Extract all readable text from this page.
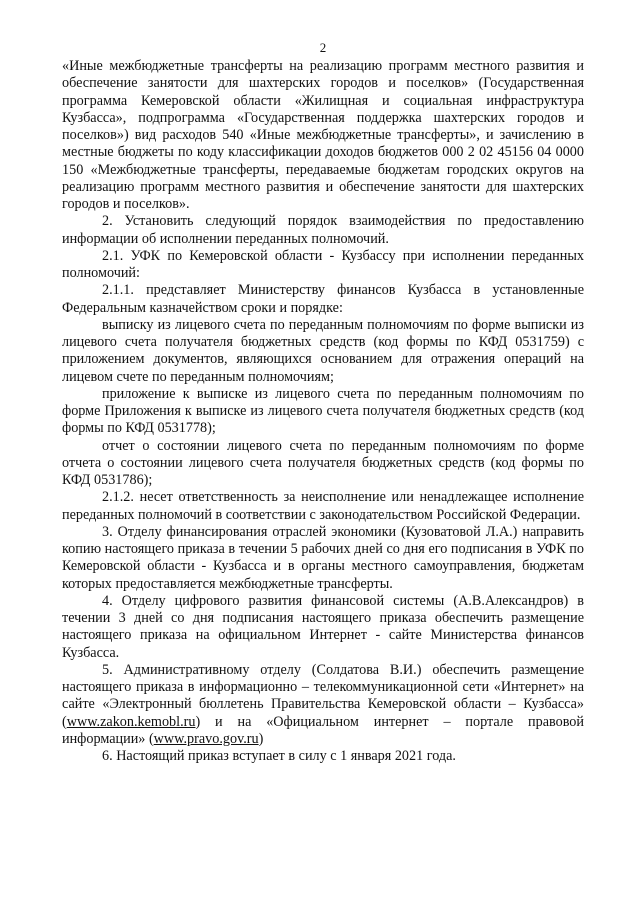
2

«Иные межбюджетные трансферты на реализацию программ местного развития и обеспечение занятости для шахтерских городов и поселков» (Государственная программа Кемеровской области «Жилищная и социальная инфраструктура Кузбасса», подпрограмма «Государственная поддержка шахтерских городов и поселков») вид расходов 540 «Иные межбюджетные трансферты», и зачислению в местные бюджеты по коду классификации доходов бюджетов 000 2 02 45156 04 0000 150 «Межбюджетные трансферты, передаваемые бюджетам городских округов на реализацию программ местного развития и обеспечение занятости для шахтерских городов и поселков».

2. Установить следующий порядок взаимодействия по предоставлению информации об исполнении переданных полномочий.

2.1. УФК по Кемеровской области - Кузбассу при исполнении переданных полномочий:

2.1.1. представляет Министерству финансов Кузбасса в установленные Федеральным казначейством сроки и порядке:

выписку из лицевого счета по переданным полномочиям по форме выписки из лицевого счета получателя бюджетных средств (код формы по КФД 0531759) с приложением документов, являющихся основанием для отражения операций на лицевом счете по переданным полномочиям;

приложение к выписке из лицевого счета по переданным полномочиям по форме Приложения к выписке из лицевого счета получателя бюджетных средств (код формы по КФД 0531778);

отчет о состоянии лицевого счета по переданным полномочиям по форме отчета о состоянии лицевого счета получателя бюджетных средств (код формы по КФД 0531786);

2.1.2. несет ответственность за неисполнение или ненадлежащее исполнение переданных полномочий в соответствии с законодательством Российской Федерации.

3. Отделу финансирования отраслей экономики (Кузоватовой Л.А.) направить копию настоящего приказа в течении 5 рабочих дней со дня его подписания в УФК по Кемеровской области - Кузбасса и в органы местного самоуправления, бюджетам которых предоставляется межбюджетные трансферты.

4. Отделу цифрового развития финансовой системы (А.В.Александров) в течении 3 дней со дня подписания настоящего приказа обеспечить размещение настоящего приказа на официальном Интернет - сайте Министерства финансов Кузбасса.

5. Административному отделу (Солдатова В.И.) обеспечить размещение настоящего приказа в информационно – телекоммуникационной сети «Интернет» на сайте «Электронный бюллетень Правительства Кемеровской области – Кузбасса» (www.zakon.kemobl.ru) и на «Официальном интернет – портале правовой информации» (www.pravo.gov.ru)

6. Настоящий приказ вступает в силу с 1 января 2021 года.
